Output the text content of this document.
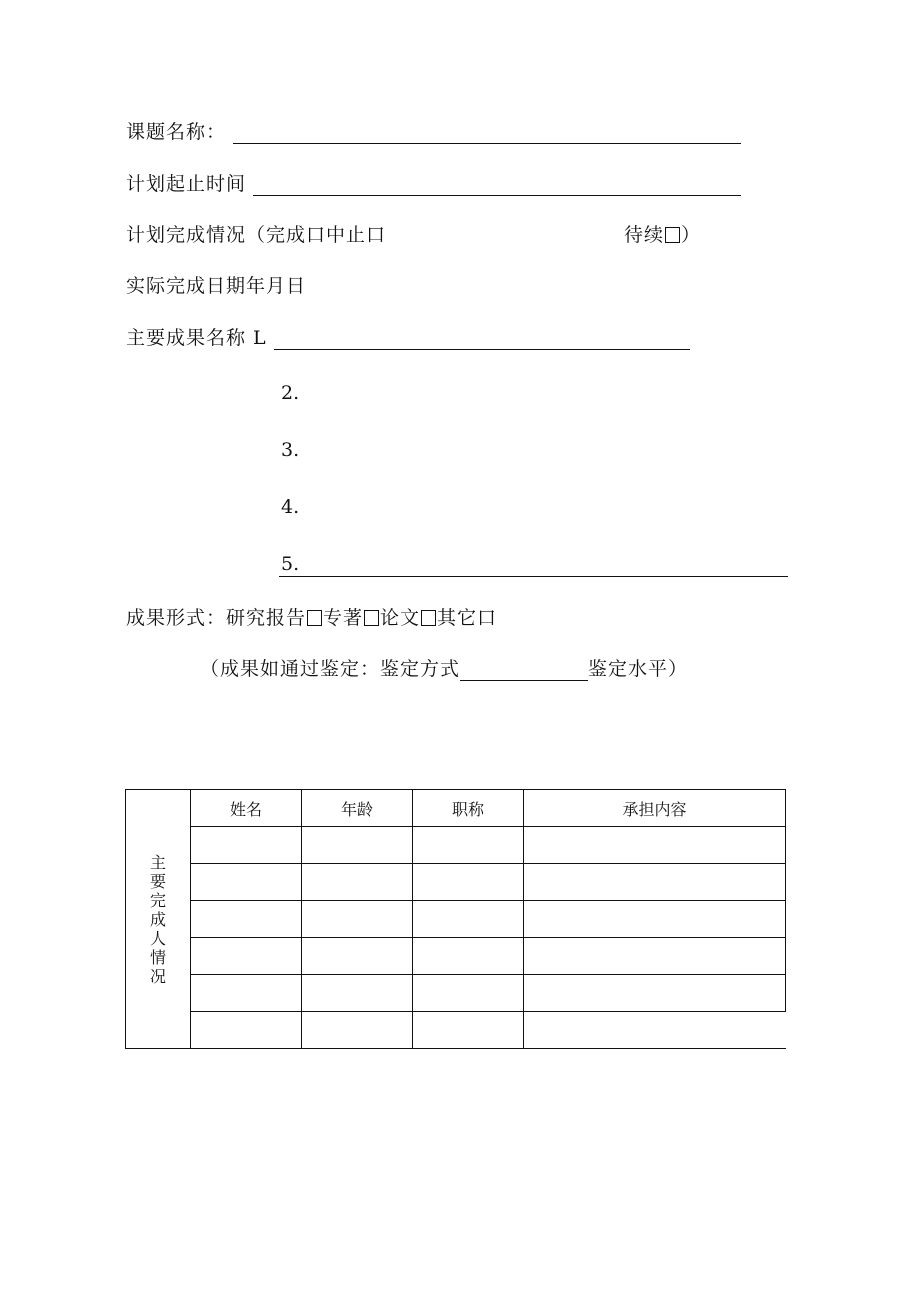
课题名称：
计划起止时间
计划完成情况（完成口中止口	待续 ）
实际完成日期年月日
主要成果名称 L
2.
3.
4.
5.
成果形式：研究报告 专著 论文 其它口
（成果如通过鉴定：鉴定方式	鉴定水平）
主要完成人情况	姓名	年龄	职称	承担内容
